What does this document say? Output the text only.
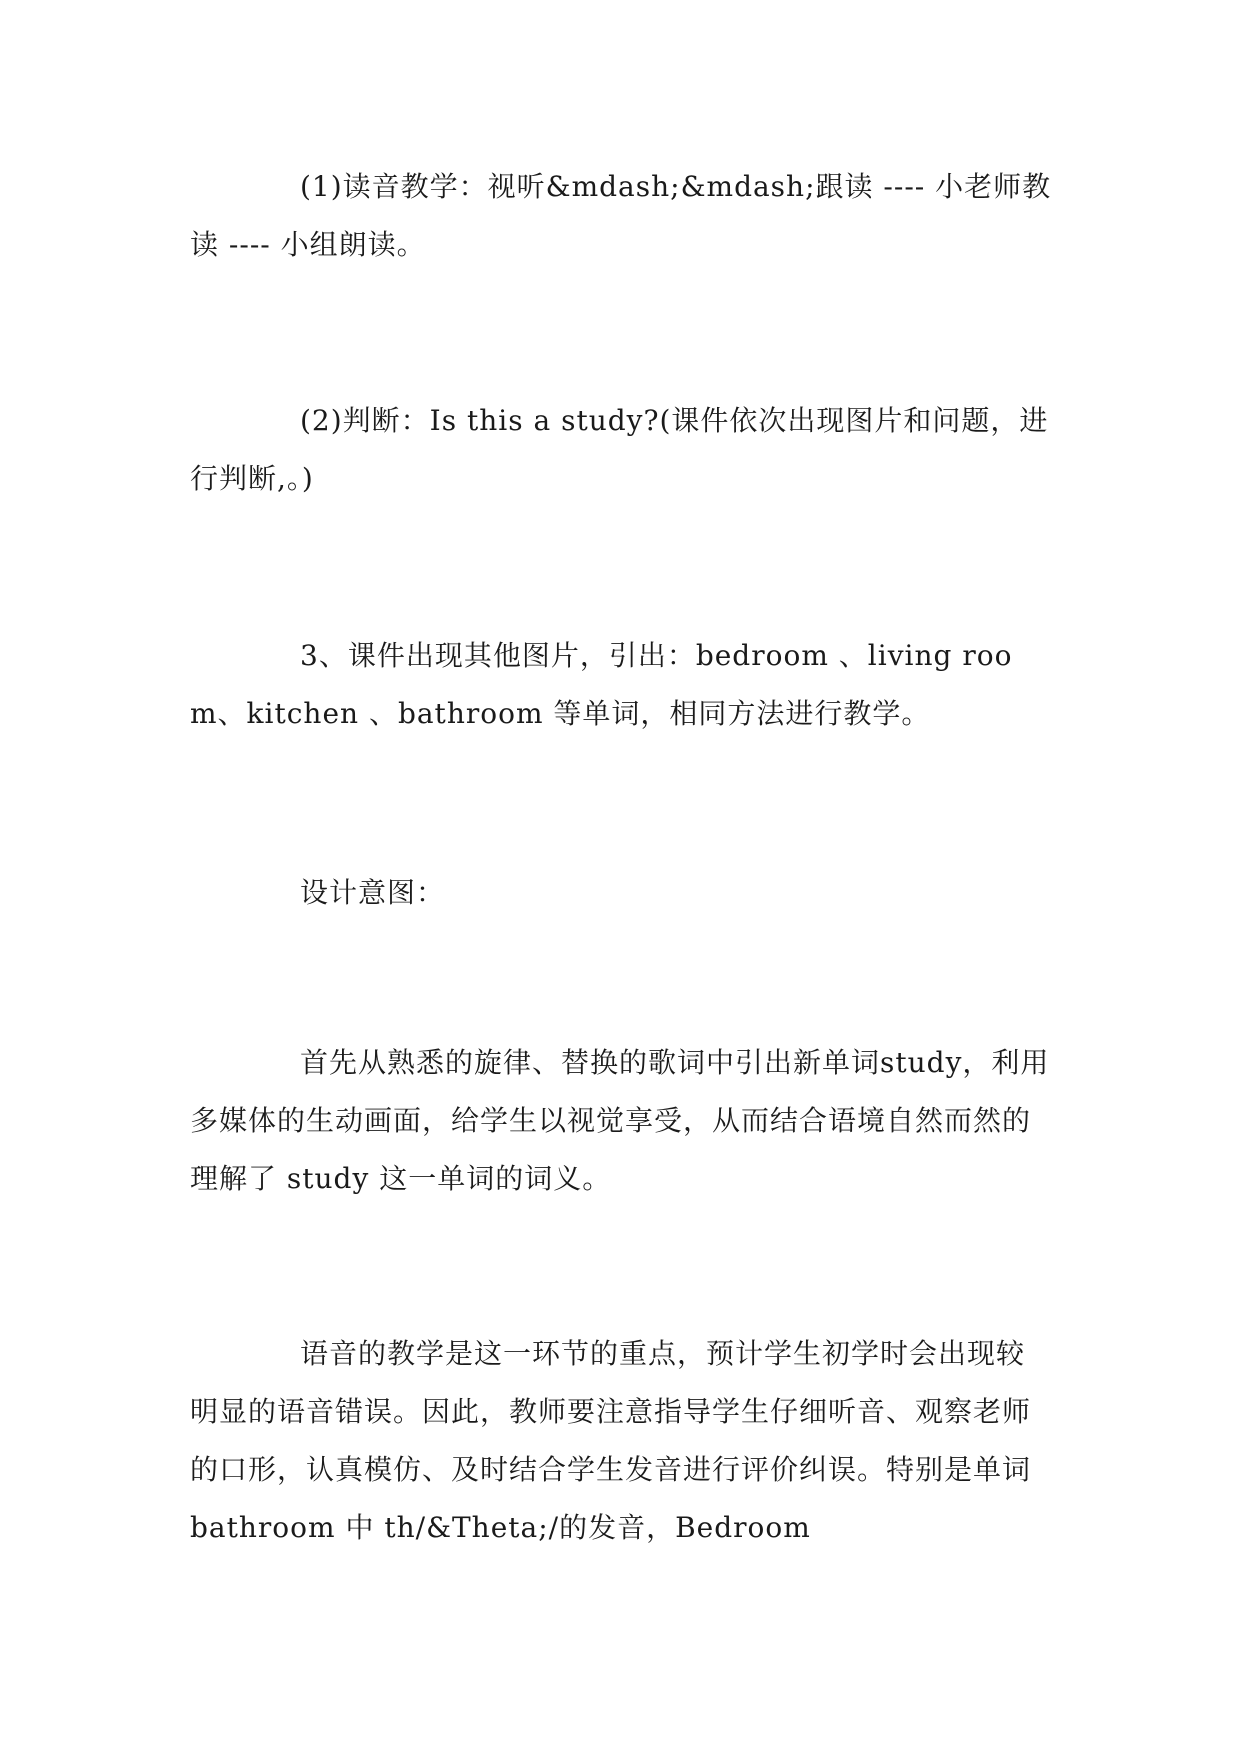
(1)读音教学：视听&mdash;&mdash;跟读 ---- 小老师教读 ---- 小组朗读。

(2)判断：Is this a study?(课件依次出现图片和问题，进行判断,。)

3、课件出现其他图片，引出：bedroom 、living room、kitchen 、bathroom 等单词，相同方法进行教学。

设计意图：

首先从熟悉的旋律、替换的歌词中引出新单词study，利用多媒体的生动画面，给学生以视觉享受，从而结合语境自然而然的理解了 study 这一单词的词义。

语音的教学是这一环节的重点，预计学生初学时会出现较明显的语音错误。因此，教师要注意指导学生仔细听音、观察老师的口形，认真模仿、及时结合学生发音进行评价纠误。特别是单词 bathroom 中 th/&Theta;/的发音，Bedroom
